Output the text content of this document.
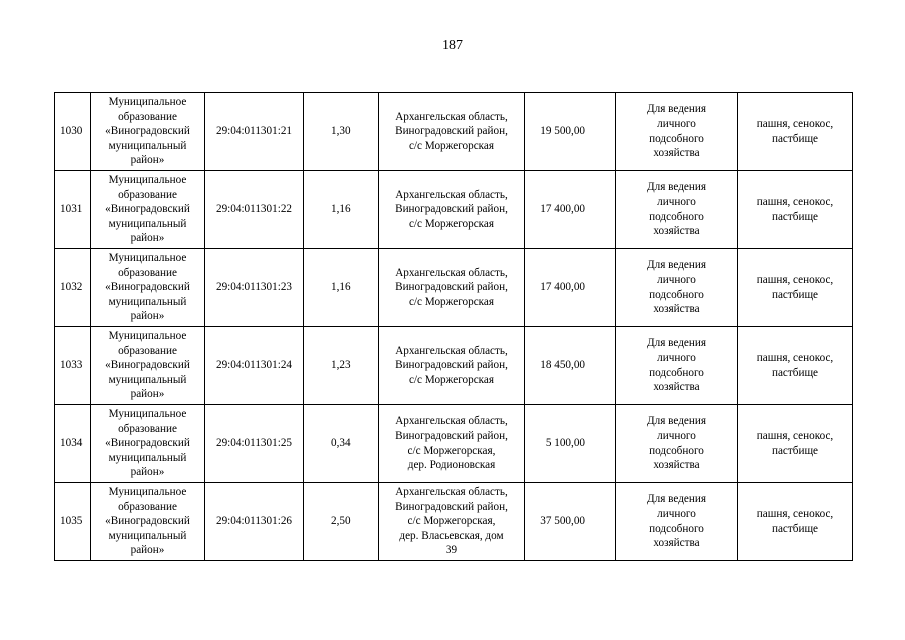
187
1030	Муниципальное
образование
«Виноградовский
муниципальный
район»	29:04:011301:21	1,30	Архангельская область,
Виноградовский район,
с/с Моржегорская	19 500,00	Для ведения
личного
подсобного
хозяйства	пашня, сенокос,
пастбище

1031	Муниципальное
образование
«Виноградовский
муниципальный
район»	29:04:011301:22	1,16	Архангельская область,
Виноградовский район,
с/с Моржегорская	17 400,00	Для ведения
личного
подсобного
хозяйства	пашня, сенокос,
пастбище

1032	Муниципальное
образование
«Виноградовский
муниципальный
район»	29:04:011301:23	1,16	Архангельская область,
Виноградовский район,
с/с Моржегорская	17 400,00	Для ведения
личного
подсобного
хозяйства	пашня, сенокос,
пастбище

1033	Муниципальное
образование
«Виноградовский
муниципальный
район»	29:04:011301:24	1,23	Архангельская область,
Виноградовский район,
с/с Моржегорская	18 450,00	Для ведения
личного
подсобного
хозяйства	пашня, сенокос,
пастбище

1034	Муниципальное
образование
«Виноградовский
муниципальный
район»	29:04:011301:25	0,34	Архангельская область,
Виноградовский район,
с/с Моржегорская,
дер. Родионовская	5 100,00	Для ведения
личного
подсобного
хозяйства	пашня, сенокос,
пастбище

1035	Муниципальное
образование
«Виноградовский
муниципальный
район»	29:04:011301:26	2,50	Архангельская область,
Виноградовский район,
с/с Моржегорская,
дер. Власьевская, дом
39	37 500,00	Для ведения
личного
подсобного
хозяйства	пашня, сенокос,
пастбище
